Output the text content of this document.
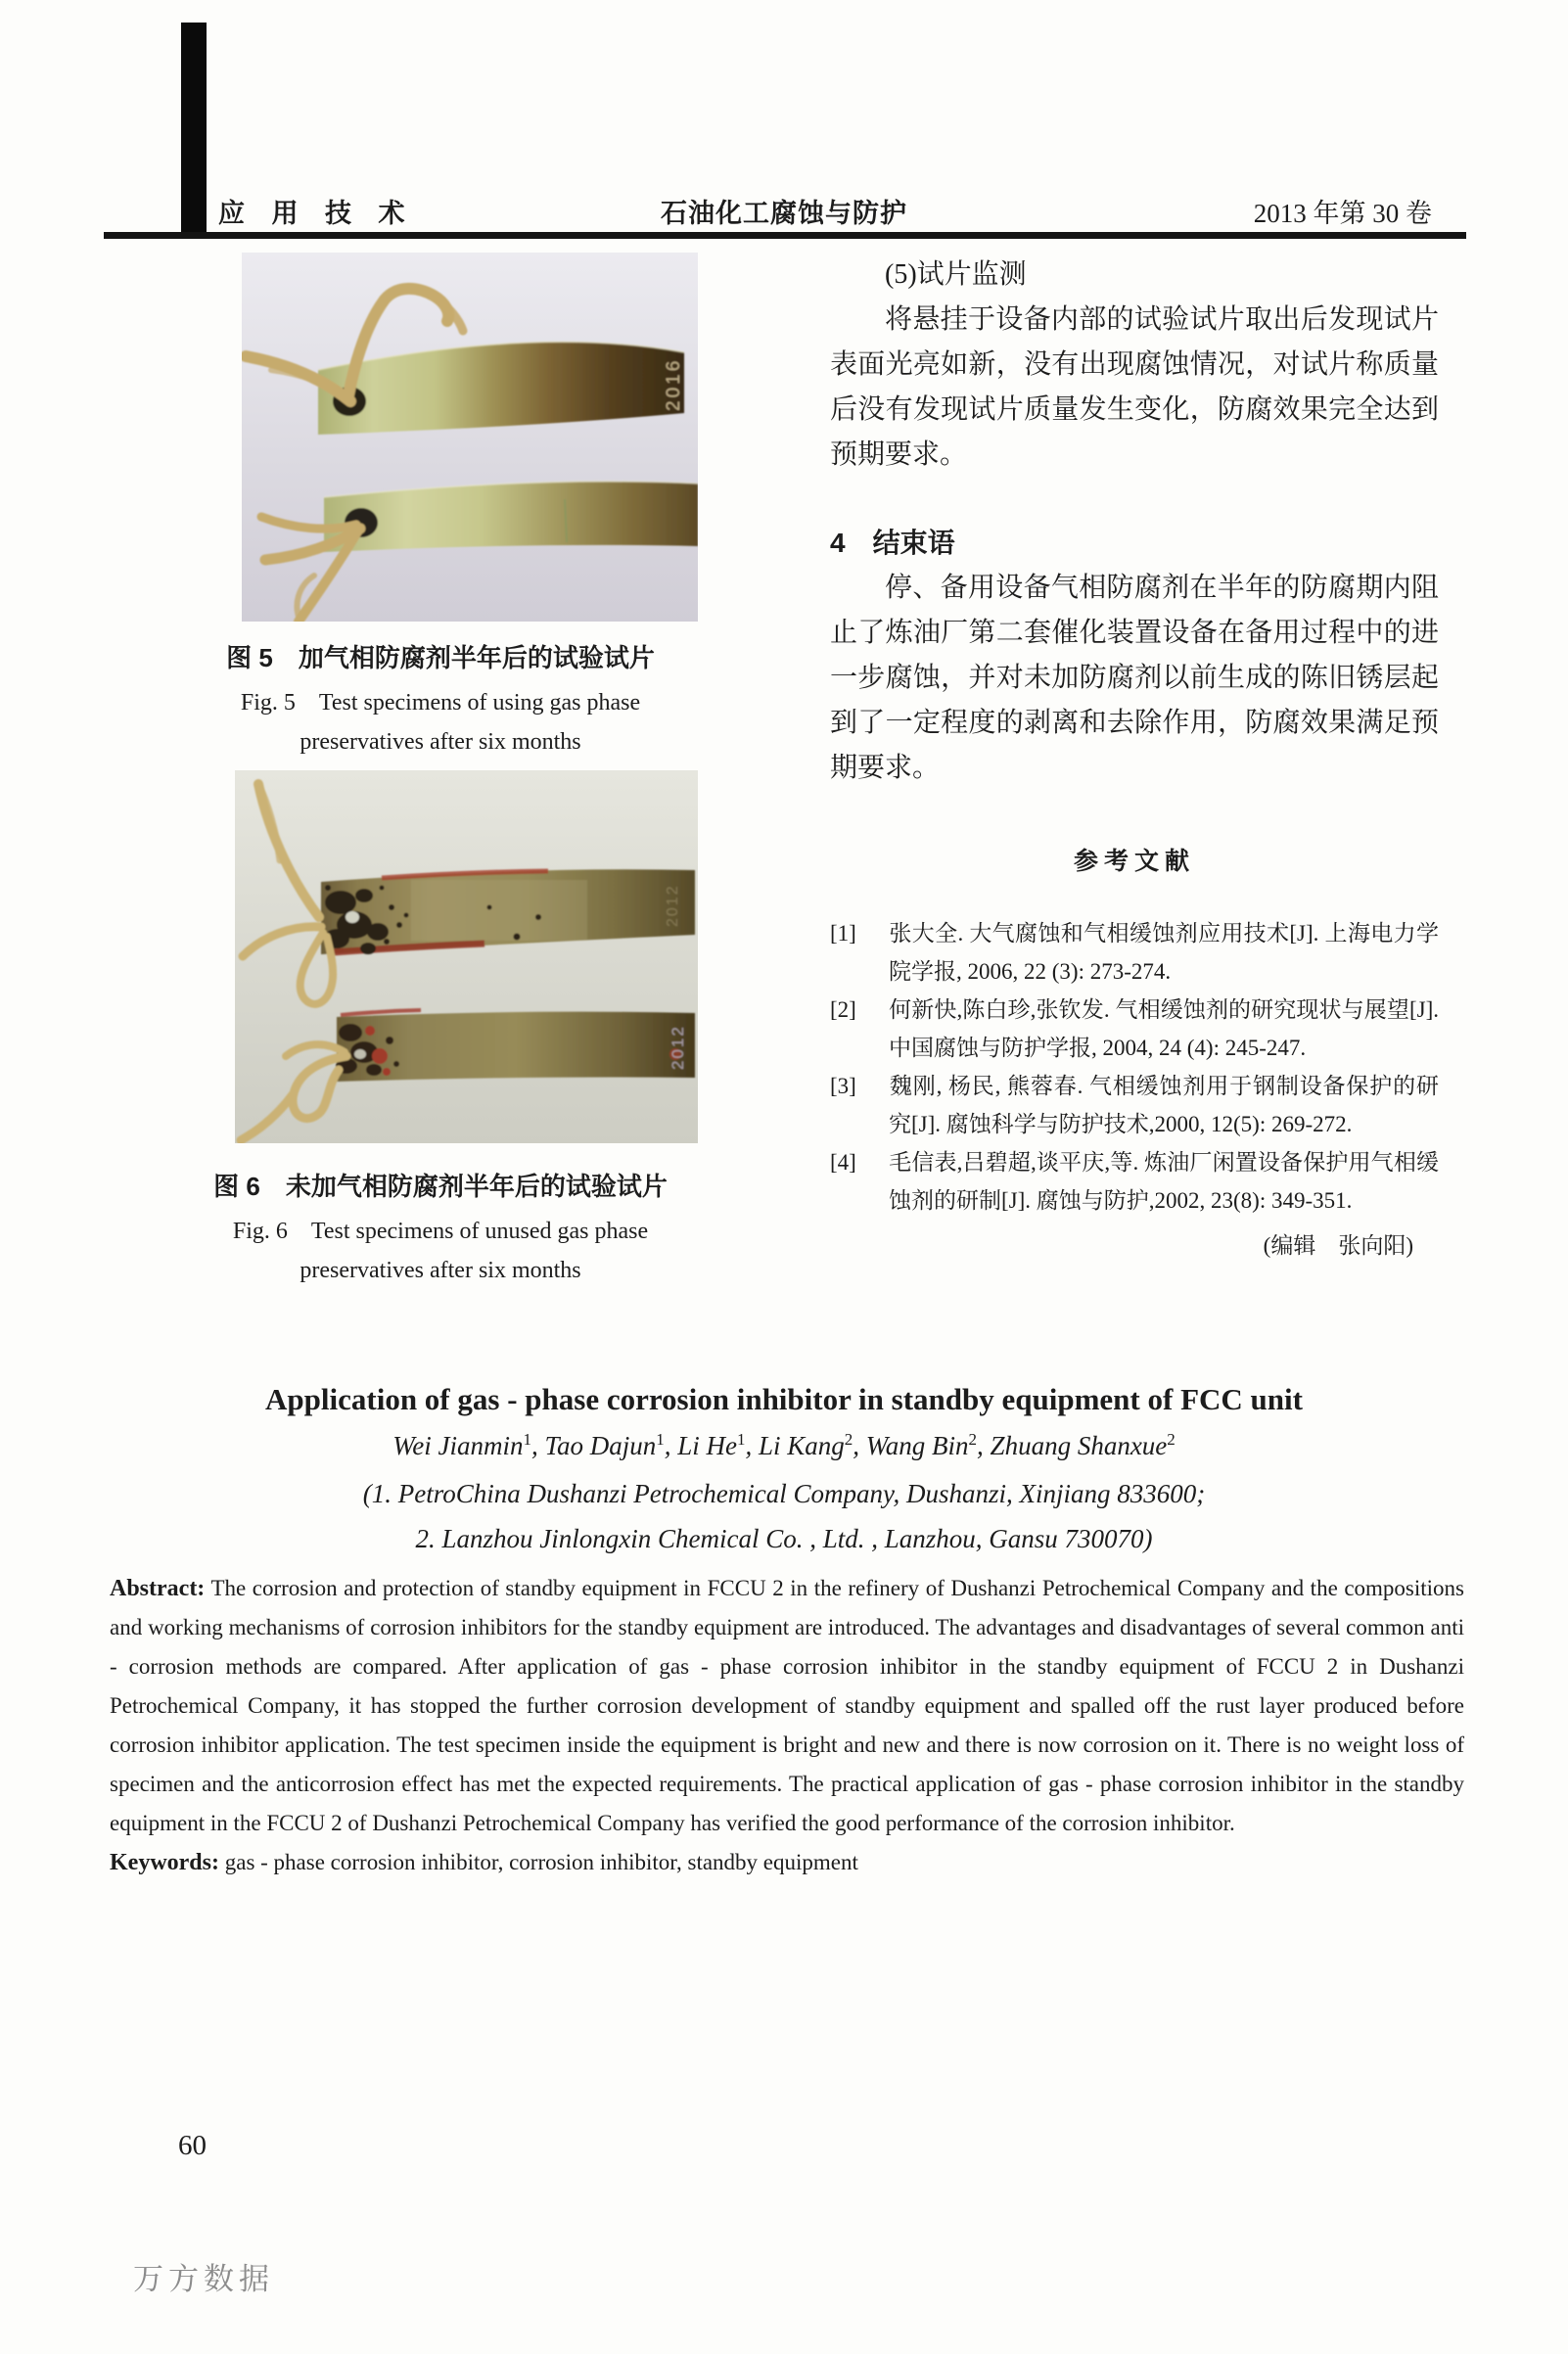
应 用 技 术	石油化工腐蚀与防护	2013 年第 30 卷
2016
图 5　加气相防腐剂半年后的试验试片
Fig. 5　Test specimens of using gas phase
preservatives after six months
2012
2012
图 6　未加气相防腐剂半年后的试验试片
Fig. 6　Test specimens of unused gas phase
preservatives after six months

(5)试片监测

将悬挂于设备内部的试验试片取出后发现试片表面光亮如新，没有出现腐蚀情况，对试片称质量后没有发现试片质量发生变化，防腐效果完全达到预期要求。

4　结束语

停、备用设备气相防腐剂在半年的防腐期内阻止了炼油厂第二套催化装置设备在备用过程中的进一步腐蚀，并对未加防腐剂以前生成的陈旧锈层起到了一定程度的剥离和去除作用，防腐效果满足预期要求。

参考文献

[1] 张大全. 大气腐蚀和气相缓蚀剂应用技术[J]. 上海电力学院学报, 2006, 22 (3): 273-274.
[2] 何新快,陈白珍,张钦发. 气相缓蚀剂的研究现状与展望[J]. 中国腐蚀与防护学报, 2004, 24 (4): 245-247.
[3] 魏刚, 杨民, 熊蓉春. 气相缓蚀剂用于钢制设备保护的研究[J]. 腐蚀科学与防护技术,2000, 12(5): 269-272.
[4] 毛信表,吕碧超,谈平庆,等. 炼油厂闲置设备保护用气相缓蚀剂的研制[J]. 腐蚀与防护,2002, 23(8): 349-351.
(编辑　张向阳)
Application of gas - phase corrosion inhibitor in standby equipment of FCC unit
Wei Jianmin$^1$ , Tao Dajun$^1$ , Li He$^1$ , Li Kang$^2$ , Wang Bin$^2$ , Zhuang Shanxue$^2$
(1. PetroChina Dushanzi Petrochemical Company, Dushanzi, Xinjiang 833600;
2. Lanzhou Jinlongxin Chemical Co. , Ltd. , Lanzhou, Gansu 730070)

Abstract: The corrosion and protection of standby equipment in FCCU 2 in the refinery of Dushanzi Petrochemical Company and the compositions and working mechanisms of corrosion inhibitors for the standby equipment are introduced. The advantages and disadvantages of several common anti - corrosion methods are compared. After application of gas - phase corrosion inhibitor in the standby equipment of FCCU 2 in Dushanzi Petrochemical Company, it has stopped the further corrosion development of standby equipment and spalled off the rust layer produced before corrosion inhibitor application. The test specimen inside the equipment is bright and new and there is now corrosion on it. There is no weight loss of specimen and the anticorrosion effect has met the expected requirements. The practical application of gas - phase corrosion inhibitor in the standby equipment in the FCCU 2 of Dushanzi Petrochemical Company has verified the good performance of the corrosion inhibitor.

Keywords: gas - phase corrosion inhibitor, corrosion inhibitor, standby equipment

60
万方数据
